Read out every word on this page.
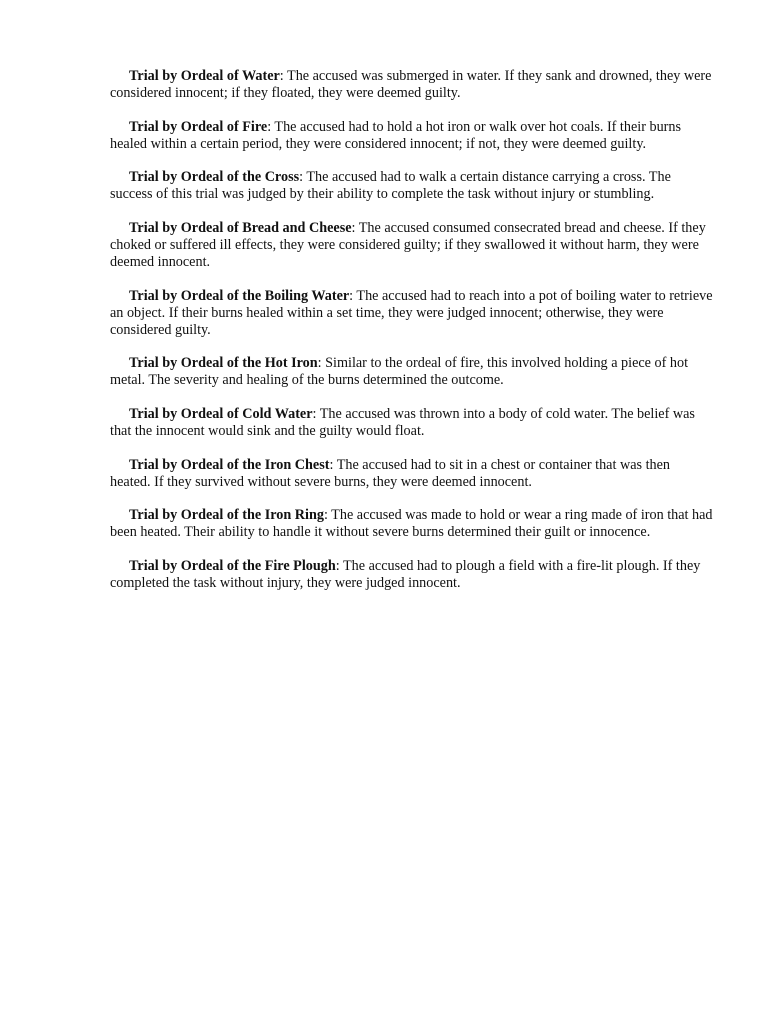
Trial by Ordeal of Water: The accused was submerged in water. If they sank and drowned, they were considered innocent; if they floated, they were deemed guilty.

Trial by Ordeal of Fire: The accused had to hold a hot iron or walk over hot coals. If their burns healed within a certain period, they were considered innocent; if not, they were deemed guilty.

Trial by Ordeal of the Cross: The accused had to walk a certain distance carrying a cross. The success of this trial was judged by their ability to complete the task without injury or stumbling.

Trial by Ordeal of Bread and Cheese: The accused consumed consecrated bread and cheese. If they choked or suffered ill effects, they were considered guilty; if they swallowed it without harm, they were deemed innocent.

Trial by Ordeal of the Boiling Water: The accused had to reach into a pot of boiling water to retrieve an object. If their burns healed within a set time, they were judged innocent; otherwise, they were considered guilty.

Trial by Ordeal of the Hot Iron: Similar to the ordeal of fire, this involved holding a piece of hot metal. The severity and healing of the burns determined the outcome.

Trial by Ordeal of Cold Water: The accused was thrown into a body of cold water. The belief was that the innocent would sink and the guilty would float.

Trial by Ordeal of the Iron Chest: The accused had to sit in a chest or container that was then heated. If they survived without severe burns, they were deemed innocent.

Trial by Ordeal of the Iron Ring: The accused was made to hold or wear a ring made of iron that had been heated. Their ability to handle it without severe burns determined their guilt or innocence.

Trial by Ordeal of the Fire Plough: The accused had to plough a field with a fire-lit plough. If they completed the task without injury, they were judged innocent.
